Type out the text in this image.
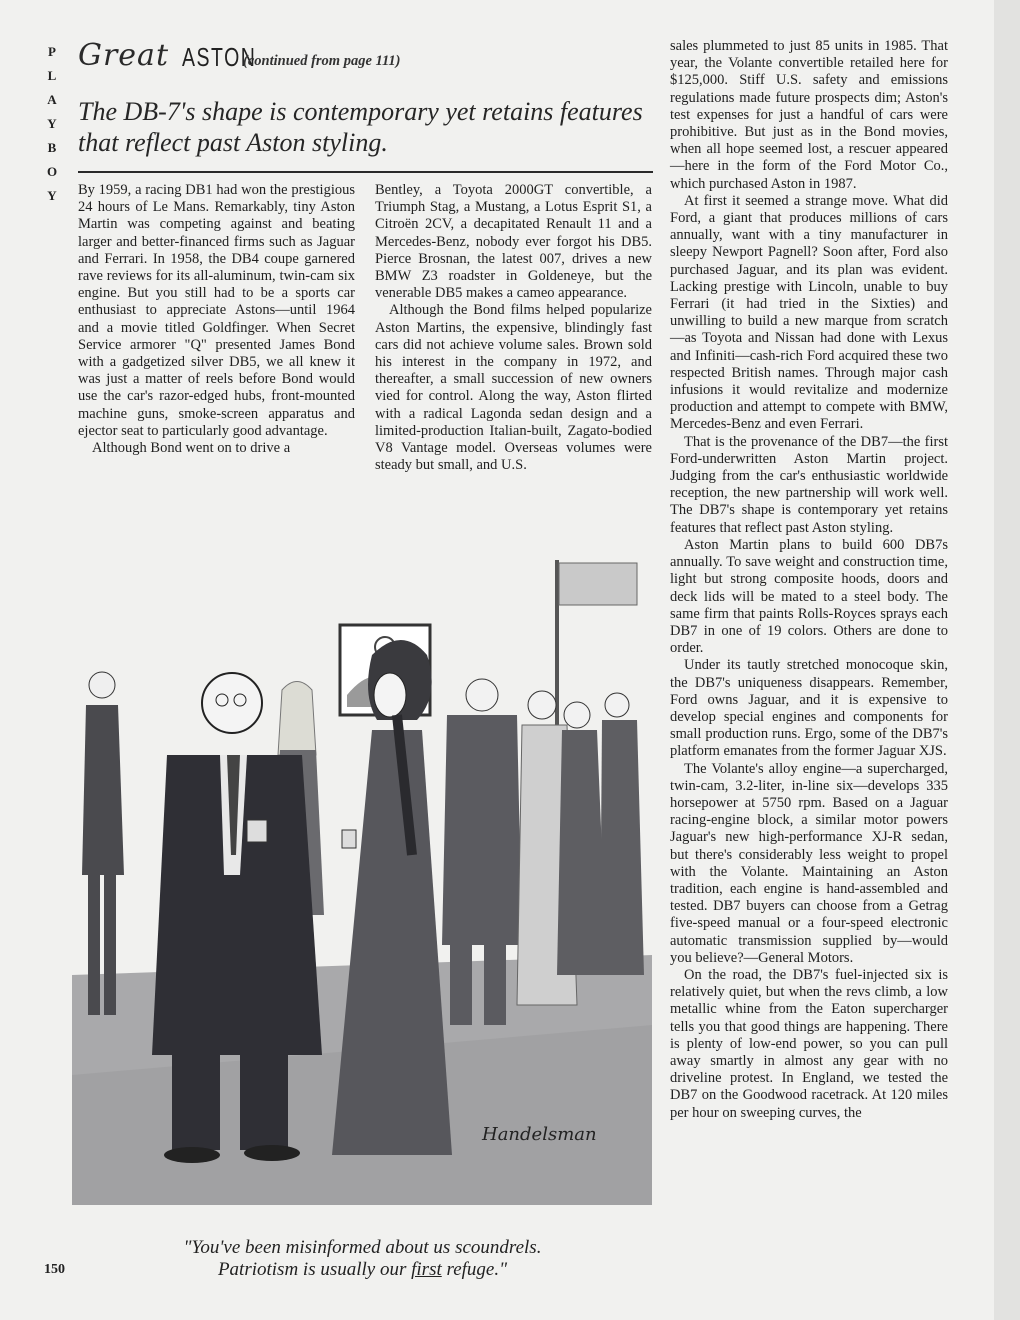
P
L
A
Y
B
O
Y
Great ASTON
(continued from page 111)
The DB-7's shape is contemporary yet retains features that reflect past Aston styling.

By 1959, a racing DB1 had won the prestigious 24 hours of Le Mans. Remarkably, tiny Aston Martin was competing against and beating larger and better-financed firms such as Jaguar and Ferrari. In 1958, the DB4 coupe garnered rave reviews for its all-aluminum, twin-cam six engine. But you still had to be a sports car enthusiast to appreciate Astons—until 1964 and a movie titled Goldfinger. When Secret Service armorer "Q" presented James Bond with a gadgetized silver DB5, we all knew it was just a matter of reels before Bond would use the car's razor-edged hubs, front-mounted machine guns, smoke-screen apparatus and ejector seat to particularly good advantage.

Although Bond went on to drive a

Bentley, a Toyota 2000GT convertible, a Triumph Stag, a Mustang, a Lotus Esprit S1, a Citroën 2CV, a decapitated Renault 11 and a Mercedes-Benz, nobody ever forgot his DB5. Pierce Brosnan, the latest 007, drives a new BMW Z3 roadster in Goldeneye, but the venerable DB5 makes a cameo appearance.

Although the Bond films helped popularize Aston Martins, the expensive, blindingly fast cars did not achieve volume sales. Brown sold his interest in the company in 1972, and thereafter, a small succession of new owners vied for control. Along the way, Aston flirted with a radical Lagonda sedan design and a limited-production Italian-built, Zagato-bodied V8 Vantage model. Overseas volumes were steady but small, and U.S.

sales plummeted to just 85 units in 1985. That year, the Volante convertible retailed here for $125,000. Stiff U.S. safety and emissions regulations made future prospects dim; Aston's test expenses for just a handful of cars were prohibitive. But just as in the Bond movies, when all hope seemed lost, a rescuer appeared—here in the form of the Ford Motor Co., which purchased Aston in 1987.

At first it seemed a strange move. What did Ford, a giant that produces millions of cars annually, want with a tiny manufacturer in sleepy Newport Pagnell? Soon after, Ford also purchased Jaguar, and its plan was evident. Lacking prestige with Lincoln, unable to buy Ferrari (it had tried in the Sixties) and unwilling to build a new marque from scratch—as Toyota and Nissan had done with Lexus and Infiniti—cash-rich Ford acquired these two respected British names. Through major cash infusions it would revitalize and modernize production and attempt to compete with BMW, Mercedes-Benz and even Ferrari.

That is the provenance of the DB7—the first Ford-underwritten Aston Martin project. Judging from the car's enthusiastic worldwide reception, the new partnership will work well. The DB7's shape is contemporary yet retains features that reflect past Aston styling.

Aston Martin plans to build 600 DB7s annually. To save weight and construction time, light but strong composite hoods, doors and deck lids will be mated to a steel body. The same firm that paints Rolls-Royces sprays each DB7 in one of 19 colors. Others are done to order.

Under its tautly stretched monocoque skin, the DB7's uniqueness disappears. Remember, Ford owns Jaguar, and it is expensive to develop special engines and components for small production runs. Ergo, some of the DB7's platform emanates from the former Jaguar XJS.

The Volante's alloy engine—a supercharged, twin-cam, 3.2-liter, in-line six—develops 335 horsepower at 5750 rpm. Based on a Jaguar racing-engine block, a similar motor powers Jaguar's new high-performance XJ-R sedan, but there's considerably less weight to propel with the Volante. Maintaining an Aston tradition, each engine is hand-assembled and tested. DB7 buyers can choose from a Getrag five-speed manual or a four-speed electronic automatic transmission supplied by—would you believe?—General Motors.

On the road, the DB7's fuel-injected six is relatively quiet, but when the revs climb, a low metallic whine from the Eaton supercharger tells you that good things are happening. There is plenty of low-end power, so you can pull away smartly in almost any gear with no driveline protest. In England, we tested the DB7 on the Goodwood racetrack. At 120 miles per hour on sweeping curves, the

Handelsman
"You've been misinformed about us scoundrels.
Patriotism is usually our first refuge."
150
